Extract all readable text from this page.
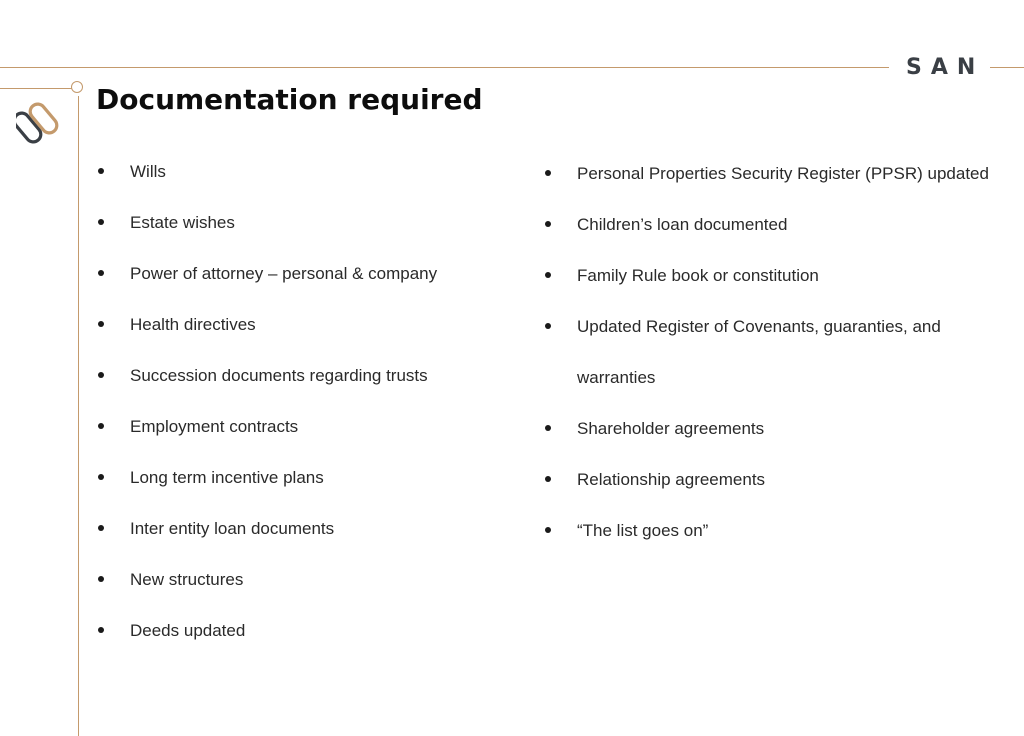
SAN
Documentation required
Wills
Estate wishes
Power of attorney – personal & company
Health directives
Succession documents regarding trusts
Employment contracts
Long term incentive plans
Inter entity loan documents
New structures
Deeds updated
Personal Properties Security Register (PPSR) updated
Children’s loan documented
Family Rule book or constitution
Updated Register of Covenants, guaranties, and warranties
Shareholder agreements
Relationship agreements
“The list goes on”
